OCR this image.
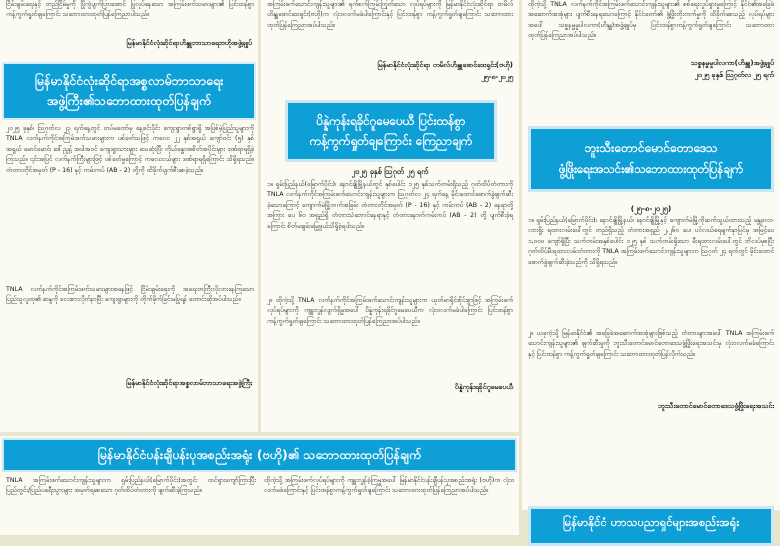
ငြိမ်းချမ်းရေးနှင့် တည်ငြိမ်မှုကို ပြိုကွဲပျက်ပြားအောင် ပြုလုပ်နေသော အကြမ်းဖက်သမားများ၏ ပြင်းထန်စွာ ကန့်ကွက်ရှုတ်ချကြောင်း သဘောထားထုတ်ပြန်ကြေညာပါသည်။

မြန်မာနိုင်ငံလုံးဆိုင်ရာဟိန္ဒူဘာသာရေးဗဟိုအဖွဲ့ချုပ်

မြန်မာနိုင်ငံလုံးဆိုင်ရာအစ္စလာမ်ဘာသာရေး
အဖွဲ့ကြီး၏သဘောထားထုတ်ပြန်ချက်

၂၀၂၅ ခုနှစ်၊ ဩဂုတ်လ ၂၃ ရက်နေ့တွင် တပ်မတော်မှ နေ့ခင်းပိုင်း ကျေးရွာတစ်ရွာရှိ အပြစ်မဲ့ပြည်သူများကို TNLA လက်နက်ကိုင်အကြမ်းဖက်သမားများက ပစ်ခတ်သဖြင့် ကလေး ၂၂ နှစ်အရွယ် ကျော်ဝင်း (၅) နှစ်အရွယ် မောင်မောင်၊ ဒေါ်ညွန့် အပါအဝင် ကျေးရွာသားများ သေဆုံးပြီး ကိုယ်ခန္ဓာအစိတ်အပိုင်းများ ဒဏ်ရာရရှိခဲ့ကြသည်။ ၎င်းအပြင် လက်နက်ကြီးများဖြင့် ပစ်ခတ်မှုကြောင့် ကလေးငယ်များ ဒဏ်ရာရရှိကြောင်း သိရှိရသည်။ တံတားတိုင်အမှတ် (P - 16) နှင့် ကမ်းကပ် (AB - 2) တို့ကို ထိခိုက်ပျက်စီးစေခဲ့သည်။

TNLA လက်နက်ကိုင်အကြမ်းဖက်သမားများအနေဖြင့် ငြိမ်းချမ်းရေးကို အရေးတကြီးလိုလားနေကြသော ပြည်သူလူထု၏ ဆန္ဒကို လေးစားလိုက်နာပြီး ကျေးရွာများကို တိုက်ခိုက်ခြင်းမပြုရန် တောင်းဆိုအပ်ပါသည်။

မြန်မာနိုင်ငံလုံးဆိုင်ရာအစ္စလာမ်ဘာသာရေးအဖွဲ့ကြီး

အကြမ်းဖက်သောင်းကျန်းသူများ၏ ရက်စက်ကြမ်းကြုတ်သော လုပ်ရပ်များကို မြန်မာနိုင်ငံလုံးဆိုင်ရာ တမိလ်ဟိန္ဒူဖောင်ဒေးရှင်း(ဗဟို)က လုံးဝလက်မခံပါကြောင်းနှင့် ပြင်းထန်စွာ ကန့်ကွက်ရှုတ်ချကြောင်း သဘောထားထုတ်ပြန်ကြေညာအပ်ပါသည်။

မြန်မာနိုင်ငံလုံးဆိုင်ရာ တမိလ်ဟိန္ဒူဖောင်ဒေးရှင်း(ဗဟို)

၂၅-၈-၂၀၂၅

ပိန္နဲကုန်းရခိုင်ဂူမေပေယီ ပြင်းထန်စွာ
ကန့်ကွက်ရှုတ်ချကြောင်း ကြေညာချက်

၂၀၂၅ ခုနှစ် ဩဂုတ် ၂၅ ရက်

၁။ ရှမ်းပြည်နယ်(မြောက်ပိုင်း)၊ နောင်ချိုမြို့နယ်တွင် နှစ်ပေါင်း ၁၂၅ နှစ်သက်တမ်းရှိသည့် ဂုတ်ထိပ်တံတားကို TNLA လက်နက်ကိုင်အကြမ်းဖက်သောင်းကျန်းသူများက ဩဂုတ်လ ၂၄ ရက်နေ့ မိုင်းထောင်ဖောက်ခွဲဖျက်ဆီးခဲ့သောကြောင့် ကျောက်မဲမြို့ဘက်အခြမ်း တံတားတိုင်အမှတ် (P - 16) နှင့် ကမ်းကပ် (AB - 2) နေရာတို့အကြား ပေ ၆၀ အရှည်ရှိ တံတားသံဘောင်နေရာနှင့် တံတားနောက်ကမ်းကပ် (AB - 2) တို့ ပျက်စီးခဲ့ရကြောင်း စိတ်မချမ်းမြေ့ဖွယ်သိရှိခဲ့ရပါသည်။

၂။ ထိုကဲ့သို့ TNLA လက်နက်ကိုင်အကြမ်းဖက်သောင်းကျန်းသူများက ယုတ်မာရိုင်းစိုင်းစွာဖြင့် အကြမ်းဖက်လုပ်ရပ်များကို ကျူးလွန်လျက်ရှိမှုအပေါ် ပိန္နဲကုန်းရခိုင်ဂူမေပေယီက လုံးဝလက်မခံပါကြောင်း ပြင်းထန်စွာကန့်ကွက်ရှုတ်ချကြောင်း သဘောထားထုတ်ပြန်ကြေညာအပ်ပါသည်။

ပိန္နဲကုန်းရခိုင်ဂူမေပေယီ

ထိုကဲ့သို့ TNLA လက်နက်ကိုင်အကြမ်းဖက်သောင်းကျန်းသူများ၏ စစ်ရေးလှုပ်ရှားမှုကြောင့် နိုင်ငံ၏အခြေခံအဆောက်အအုံများ ပျက်စီးနေရသောကြောင့် နိုင်ငံတော်၏ ဖွံ့ဖြိုးတိုးတက်မှုကို ထိခိုက်စေသည့် လုပ်ရပ်များအပေါ် သစ္စနမ္မမှုပါလကာ(ဟိန္ဒူ)အဖွဲ့ချုပ်မှ ပြင်းထန်စွာကန့်ကွက်ရှုတ်ချကြောင်း သဘောထားထုတ်ပြန်ကြေညာအပ်ပါသည်။

သစ္စနမ္မမှုပါလကာ(ဟိန္ဒူ)အဖွဲ့ချုပ်

၂၀၂၅ ခုနှစ် ဩဂုတ်လ ၂၅ ရက်

ဘူးသီးတောင်မောင်တောဒေသ
ဖွံ့ဖြိုးရေးအသင်း၏သဘောထားထုတ်ပြန်ချက်

(၂၅-၈-၂၀၂၅)

၁။ ရှမ်းပြည်နယ်(မြောက်ပိုင်း)၊ နောင်ချိုမြို့နယ်၊ နောင်ချိုမြို့နှင့် ကျောက်မဲမြို့ကိုဆက်သွယ်ထားသည့် မန္တလေး-လားရှိုး ရထားလမ်းပေါ်တွင် တည်ရှိသည့် တံတားအရှည် ၂,၂၆၀ ပေ၊ ပင်လယ်ရေမျက်နှာပြင်မှ အမြင့်ပေ ၁,၀၀၀ ကျော်ရှိပြီး သက်တမ်းအနှစ်ပေါင်း ၁၂၅ နှစ် သက်တမ်းရှိသော မီးရထားလမ်းပေါ်တွင် ဘိလပ်မှစပြီး ဂုတ်ထိပ်မီးရထားလမ်းတံတားကို TNLA အကြမ်းဖက်သောင်းကျန်းသူများက ဩဂုတ် ၂၄ ရက်တွင် မိုင်းထောင်ဖောက်ခွဲဖျက်ဆီးခဲ့သည်ကို သိရှိရသည်။

၂။ ယခုကဲ့သို့ မြန်မာနိုင်ငံ၏ အခြေခံအဆောက်အအုံများဖြစ်သည့် တံတားများအပေါ် TNLA အကြမ်းဖက်သောင်းကျန်းသူများ၏ ဖျက်ဆီးမှုကို ဘူးသီးတောင်မောင်တောဒေသဖွံ့ဖြိုးရေးအသင်းမှ လုံးဝလက်မခံကြောင်းနှင့် ပြင်းထန်စွာ ကန့်ကွက်ရှုတ်ချကြောင်း သဘောထားထုတ်ပြန်လိုက်သည်။

ဘူးသီးတောင်မောင်တောဒေသဖွံ့ဖြိုးရေးအသင်း

မြန်မာနိုင်ငံ ဟာသပညာရှင်များအစည်းအရုံး
မြန်မာနိုင်ငံပန်းချီပန်းပုအစည်းအရုံး (ဗဟို)၏ သဘောထားထုတ်ပြန်ချက်

TNLA အကြမ်းဖက်သောင်းကျန်းသူများက ရှမ်းပြည်နယ်(မြောက်ပိုင်း)အတွင်း ထင်ရှားကျော်ကြားပြီး ပြည်တွင်း/ပြည်ပခရီးသွားများ အမှတ်ရစေသော ဂုတ်ထိပ်တံတားကို ဖျက်ဆီးခဲ့ကြသည်။

ထိုကဲ့သို့ အကြမ်းဖက်လုပ်ရပ်များကို ကျူးလွန်ခဲ့ကြမှုအပေါ် မြန်မာနိုင်ငံပန်းချီပန်းပုအစည်းအရုံး (ဗဟို)က လုံးဝလက်မခံကြောင်းနှင့် ပြင်းထန်စွာကန့်ကွက်ရှုတ်ချကြောင်း သဘောထားထုတ်ပြန်ကြေညာအပ်ပါသည်။
